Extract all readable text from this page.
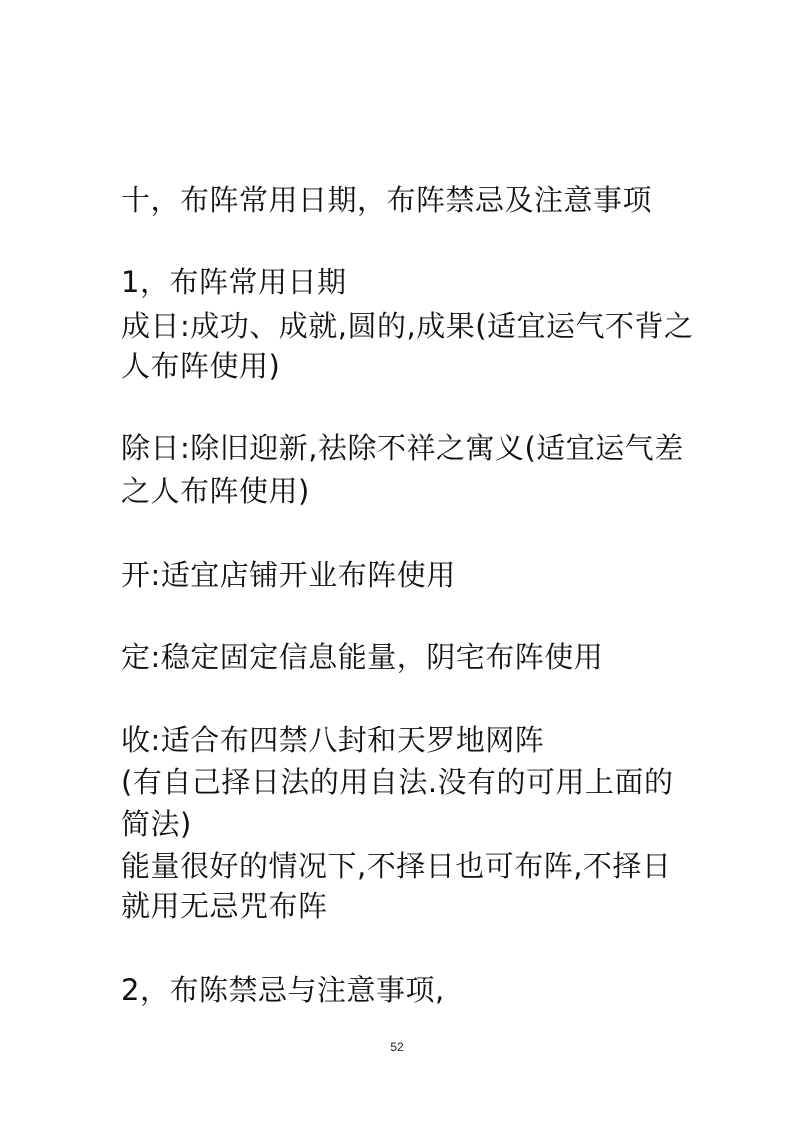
十，布阵常用日期，布阵禁忌及注意事项
1，布阵常用日期
成日:成功、成就,圆的,成果(适宜运气不背之
人布阵使用)
除日:除旧迎新,祛除不祥之寓义(适宜运气差
之人布阵使用)
开:适宜店铺开业布阵使用
定:稳定固定信息能量，阴宅布阵使用
收:适合布四禁八封和天罗地网阵
(有自己择日法的用自法.没有的可用上面的
简法)
能量很好的情况下,不择日也可布阵,不择日
就用无忌咒布阵
2，布陈禁忌与注意事项,
52
